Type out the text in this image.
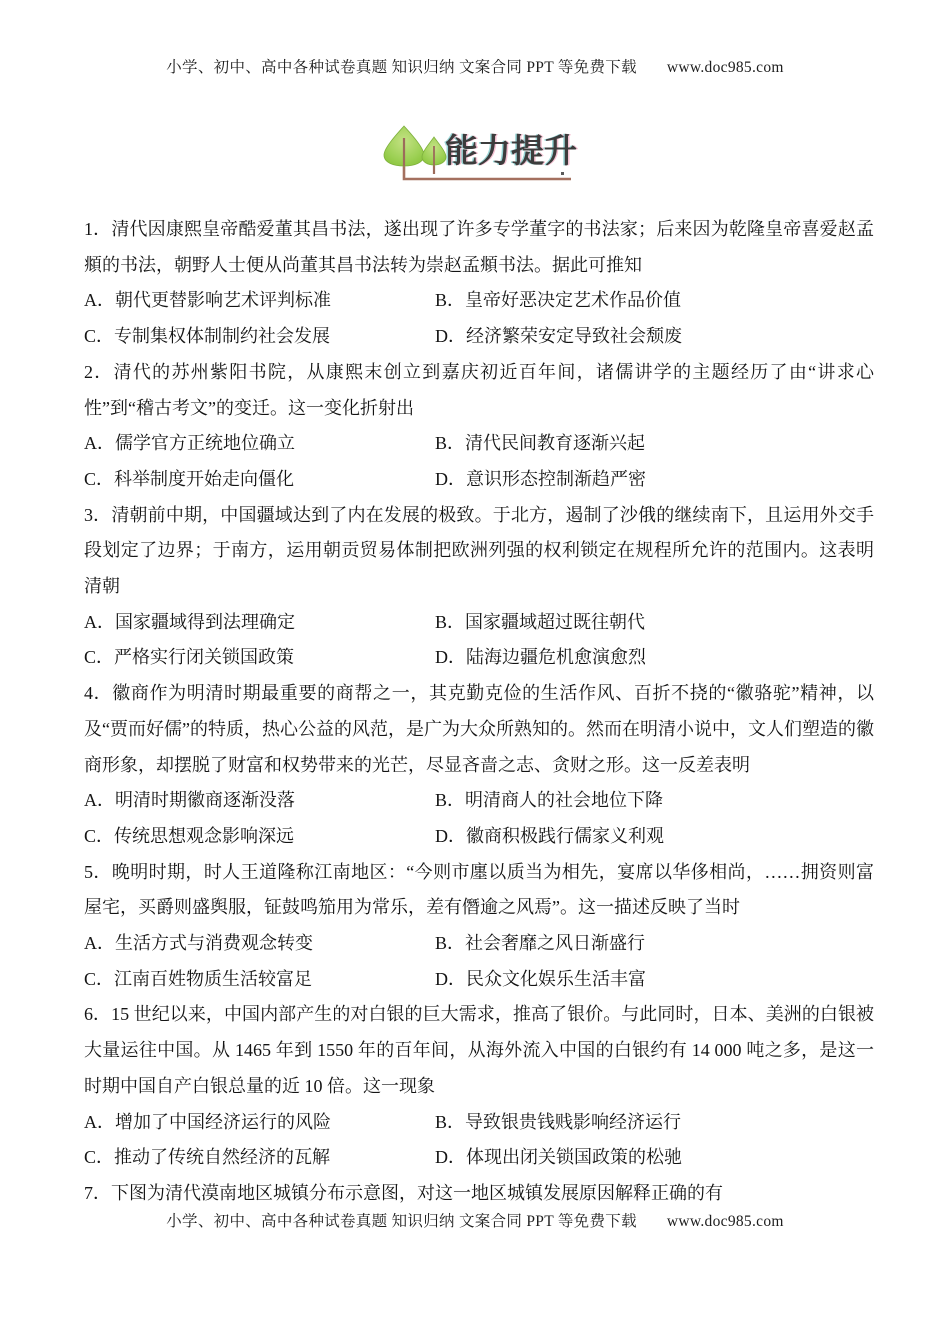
小学、初中、高中各种试卷真题 知识归纳 文案合同 PPT 等免费下载 www.doc985.com
能力提升

1．清代因康熙皇帝酷爱董其昌书法，遂出现了许多专学董字的书法家；后来因为乾隆皇帝喜爱赵孟頫的书法，朝野人士便从尚董其昌书法转为崇赵孟頫书法。据此可推知

A．朝代更替影响艺术评判标准	B．皇帝好恶决定艺术作品价值
C．专制集权体制制约社会发展	D．经济繁荣安定导致社会颓废

2．清代的苏州紫阳书院，从康熙末创立到嘉庆初近百年间，诸儒讲学的主题经历了由“讲求心性”到“稽古考文”的变迁。这一变化折射出

A．儒学官方正统地位确立	B．清代民间教育逐渐兴起
C．科举制度开始走向僵化	D．意识形态控制渐趋严密

3．清朝前中期，中国疆域达到了内在发展的极致。于北方，遏制了沙俄的继续南下，且运用外交手段划定了边界；于南方，运用朝贡贸易体制把欧洲列强的权利锁定在规程所允许的范围内。这表明清朝

A．国家疆域得到法理确定	B．国家疆域超过既往朝代
C．严格实行闭关锁国政策	D．陆海边疆危机愈演愈烈

4．徽商作为明清时期最重要的商帮之一，其克勤克俭的生活作风、百折不挠的“徽骆驼”精神，以及“贾而好儒”的特质，热心公益的风范，是广为大众所熟知的。然而在明清小说中，文人们塑造的徽商形象，却摆脱了财富和权势带来的光芒，尽显吝啬之志、贪财之形。这一反差表明

A．明清时期徽商逐渐没落	B．明清商人的社会地位下降
C．传统思想观念影响深远	D．徽商积极践行儒家义利观

5．晚明时期，时人王道隆称江南地区：“今则市廛以质当为相先，宴席以华侈相尚，……拥资则富屋宅，买爵则盛舆服，钲鼓鸣笳用为常乐，差有僭逾之风焉”。这一描述反映了当时

A．生活方式与消费观念转变	B．社会奢靡之风日渐盛行
C．江南百姓物质生活较富足	D．民众文化娱乐生活丰富

6．15 世纪以来，中国内部产生的对白银的巨大需求，推高了银价。与此同时，日本、美洲的白银被大量运往中国。从 1465 年到 1550 年的百年间，从海外流入中国的白银约有 14 000 吨之多，是这一时期中国自产白银总量的近 10 倍。这一现象

A．增加了中国经济运行的风险	B．导致银贵钱贱影响经济运行
C．推动了传统自然经济的瓦解	D．体现出闭关锁国政策的松驰

7．下图为清代漠南地区城镇分布示意图，对这一地区城镇发展原因解释正确的有

小学、初中、高中各种试卷真题 知识归纳 文案合同 PPT 等免费下载 www.doc985.com
